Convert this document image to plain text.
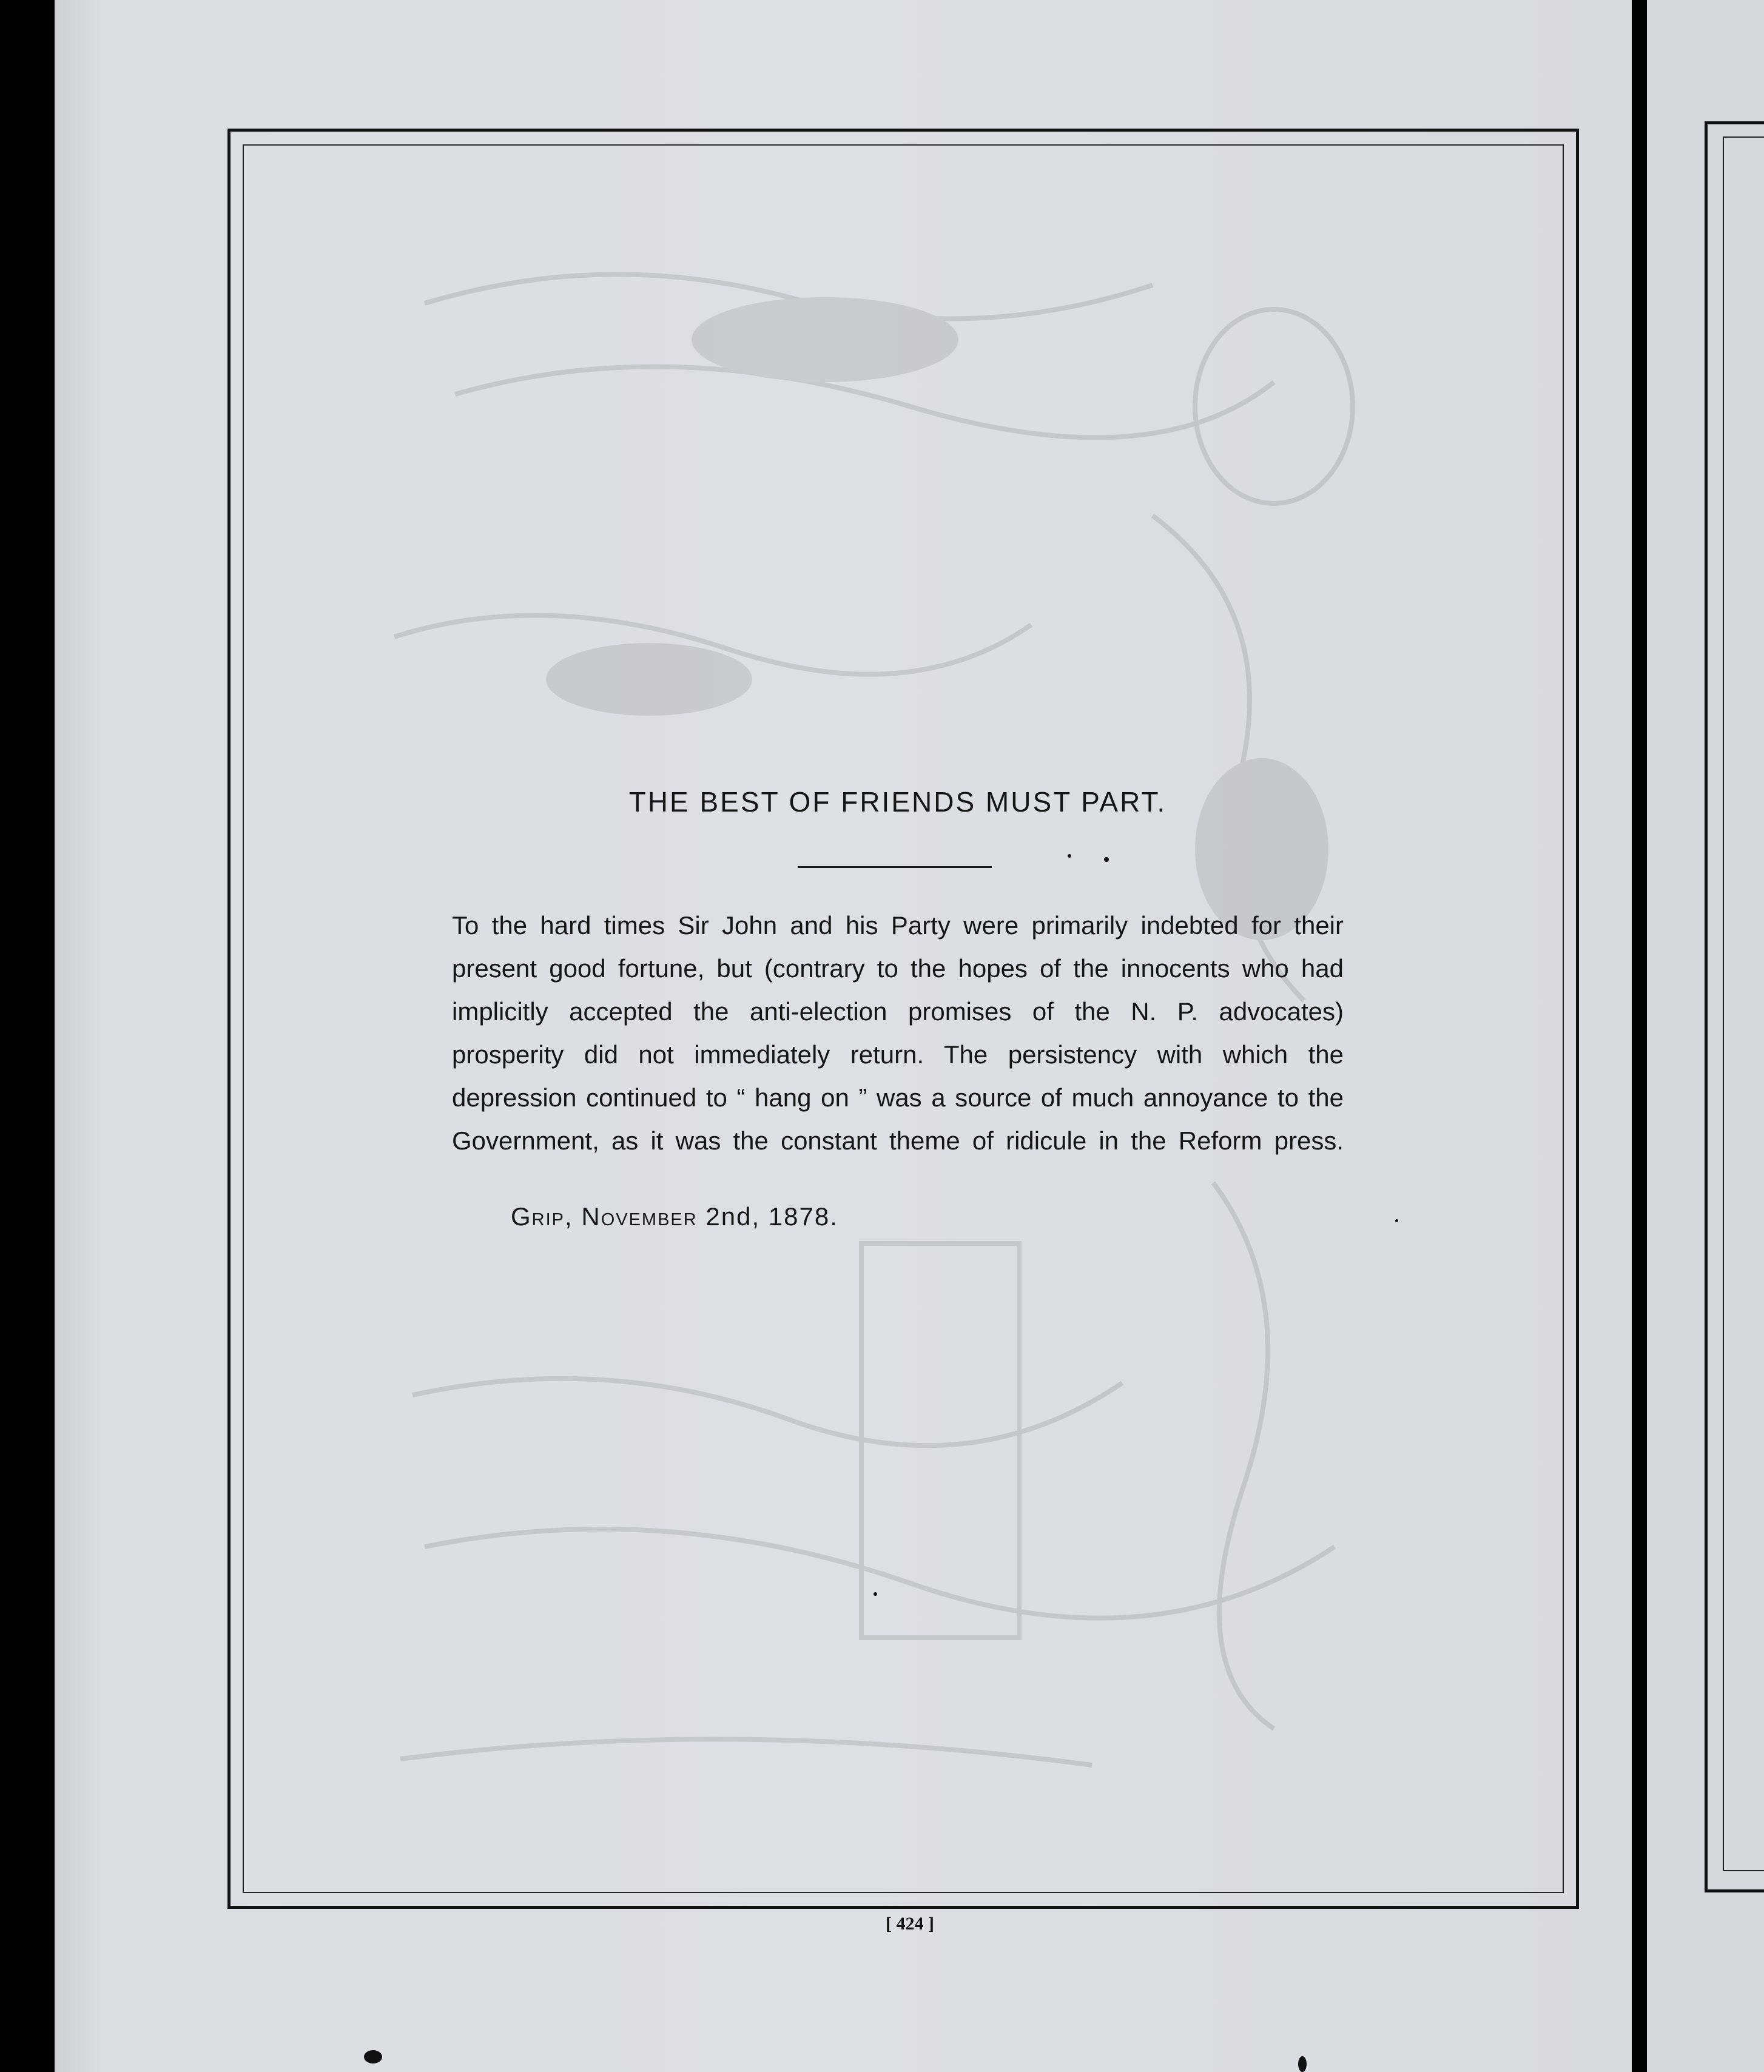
THE BEST OF FRIENDS MUST PART.
To the hard times Sir John and his Party were primarily indebted for their
present good fortune, but (contrary to the hopes of the innocents who had
implicitly accepted the anti-election promises of the N. P. advocates)
prosperity did not immediately return. The persistency with which the
depression continued to “ hang on ” was a source of much annoyance to the
Government, as it was the constant theme of ridicule in the Reform press.
Grip, November 2nd, 1878.
[ 424 ]
